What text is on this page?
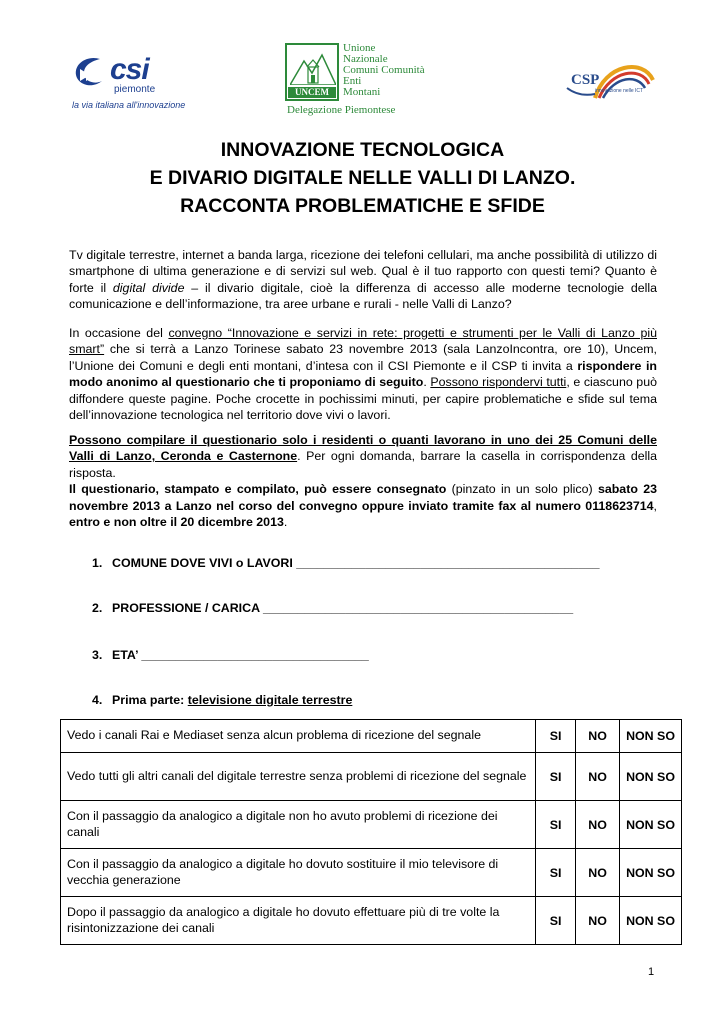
csi
piemonte
la via italiana all'innovazione
UNCEM
Unione
Nazionale
Comuni Comunità
Enti
Montani
Delegazione Piemontese
CSP
innovazione nelle ICT
INNOVAZIONE TECNOLOGICA
E DIVARIO DIGITALE NELLE VALLI DI LANZO.
RACCONTA PROBLEMATICHE E SFIDE

Tv digitale terrestre, internet a banda larga, ricezione dei telefoni cellulari, ma anche possibilità di utilizzo di smartphone di ultima generazione e di servizi sul web. Qual è il tuo rapporto con questi temi? Quanto è forte il digital divide – il divario digitale, cioè la differenza di accesso alle moderne tecnologie della comunicazione e dell’informazione, tra aree urbane e rurali - nelle Valli di Lanzo?

In occasione del convegno “Innovazione e servizi in rete: progetti e strumenti per le Valli di Lanzo più smart” che si terrà a Lanzo Torinese sabato 23 novembre 2013 (sala LanzoIncontra, ore 10), Uncem, l’Unione dei Comuni e degli enti montani, d’intesa con il CSI Piemonte e il CSP ti invita a rispondere in modo anonimo al questionario che ti proponiamo di seguito. Possono rispondervi tutti, e ciascuno può diffondere queste pagine. Poche crocette in pochissimi minuti, per capire problematiche e sfide sul tema dell’innovazione tecnologica nel territorio dove vivi o lavori.

Possono compilare il questionario solo i residenti o quanti lavorano in uno dei 25 Comuni delle Valli di Lanzo, Ceronda e Casternone. Per ogni domanda, barrare la casella in corrispondenza della risposta.
Il questionario, stampato e compilato, può essere consegnato (pinzato in un solo plico) sabato 23 novembre 2013 a Lanzo nel corso del convegno oppure inviato tramite fax al numero 0118623714, entro e non oltre il 20 dicembre 2013.

1. COMUNE DOVE VIVI o LAVORI ____________________________________________
2. PROFESSIONE / CARICA _____________________________________________
3. ETA’ _________________________________
4. Prima parte: televisione digitale terrestre
Vedo i canali Rai e Mediaset senza alcun problema di ricezione del segnale	SI	NO	NON SO
Vedo tutti gli altri canali del digitale terrestre senza problemi di ricezione del segnale	SI	NO	NON SO
Con il passaggio da analogico a digitale non ho avuto problemi di ricezione dei canali	SI	NO	NON SO
Con il passaggio da analogico a digitale ho dovuto sostituire il mio televisore di vecchia generazione	SI	NO	NON SO
Dopo il passaggio da analogico a digitale ho dovuto effettuare più di tre volte la risintonizzazione dei canali	SI	NO	NON SO
1
